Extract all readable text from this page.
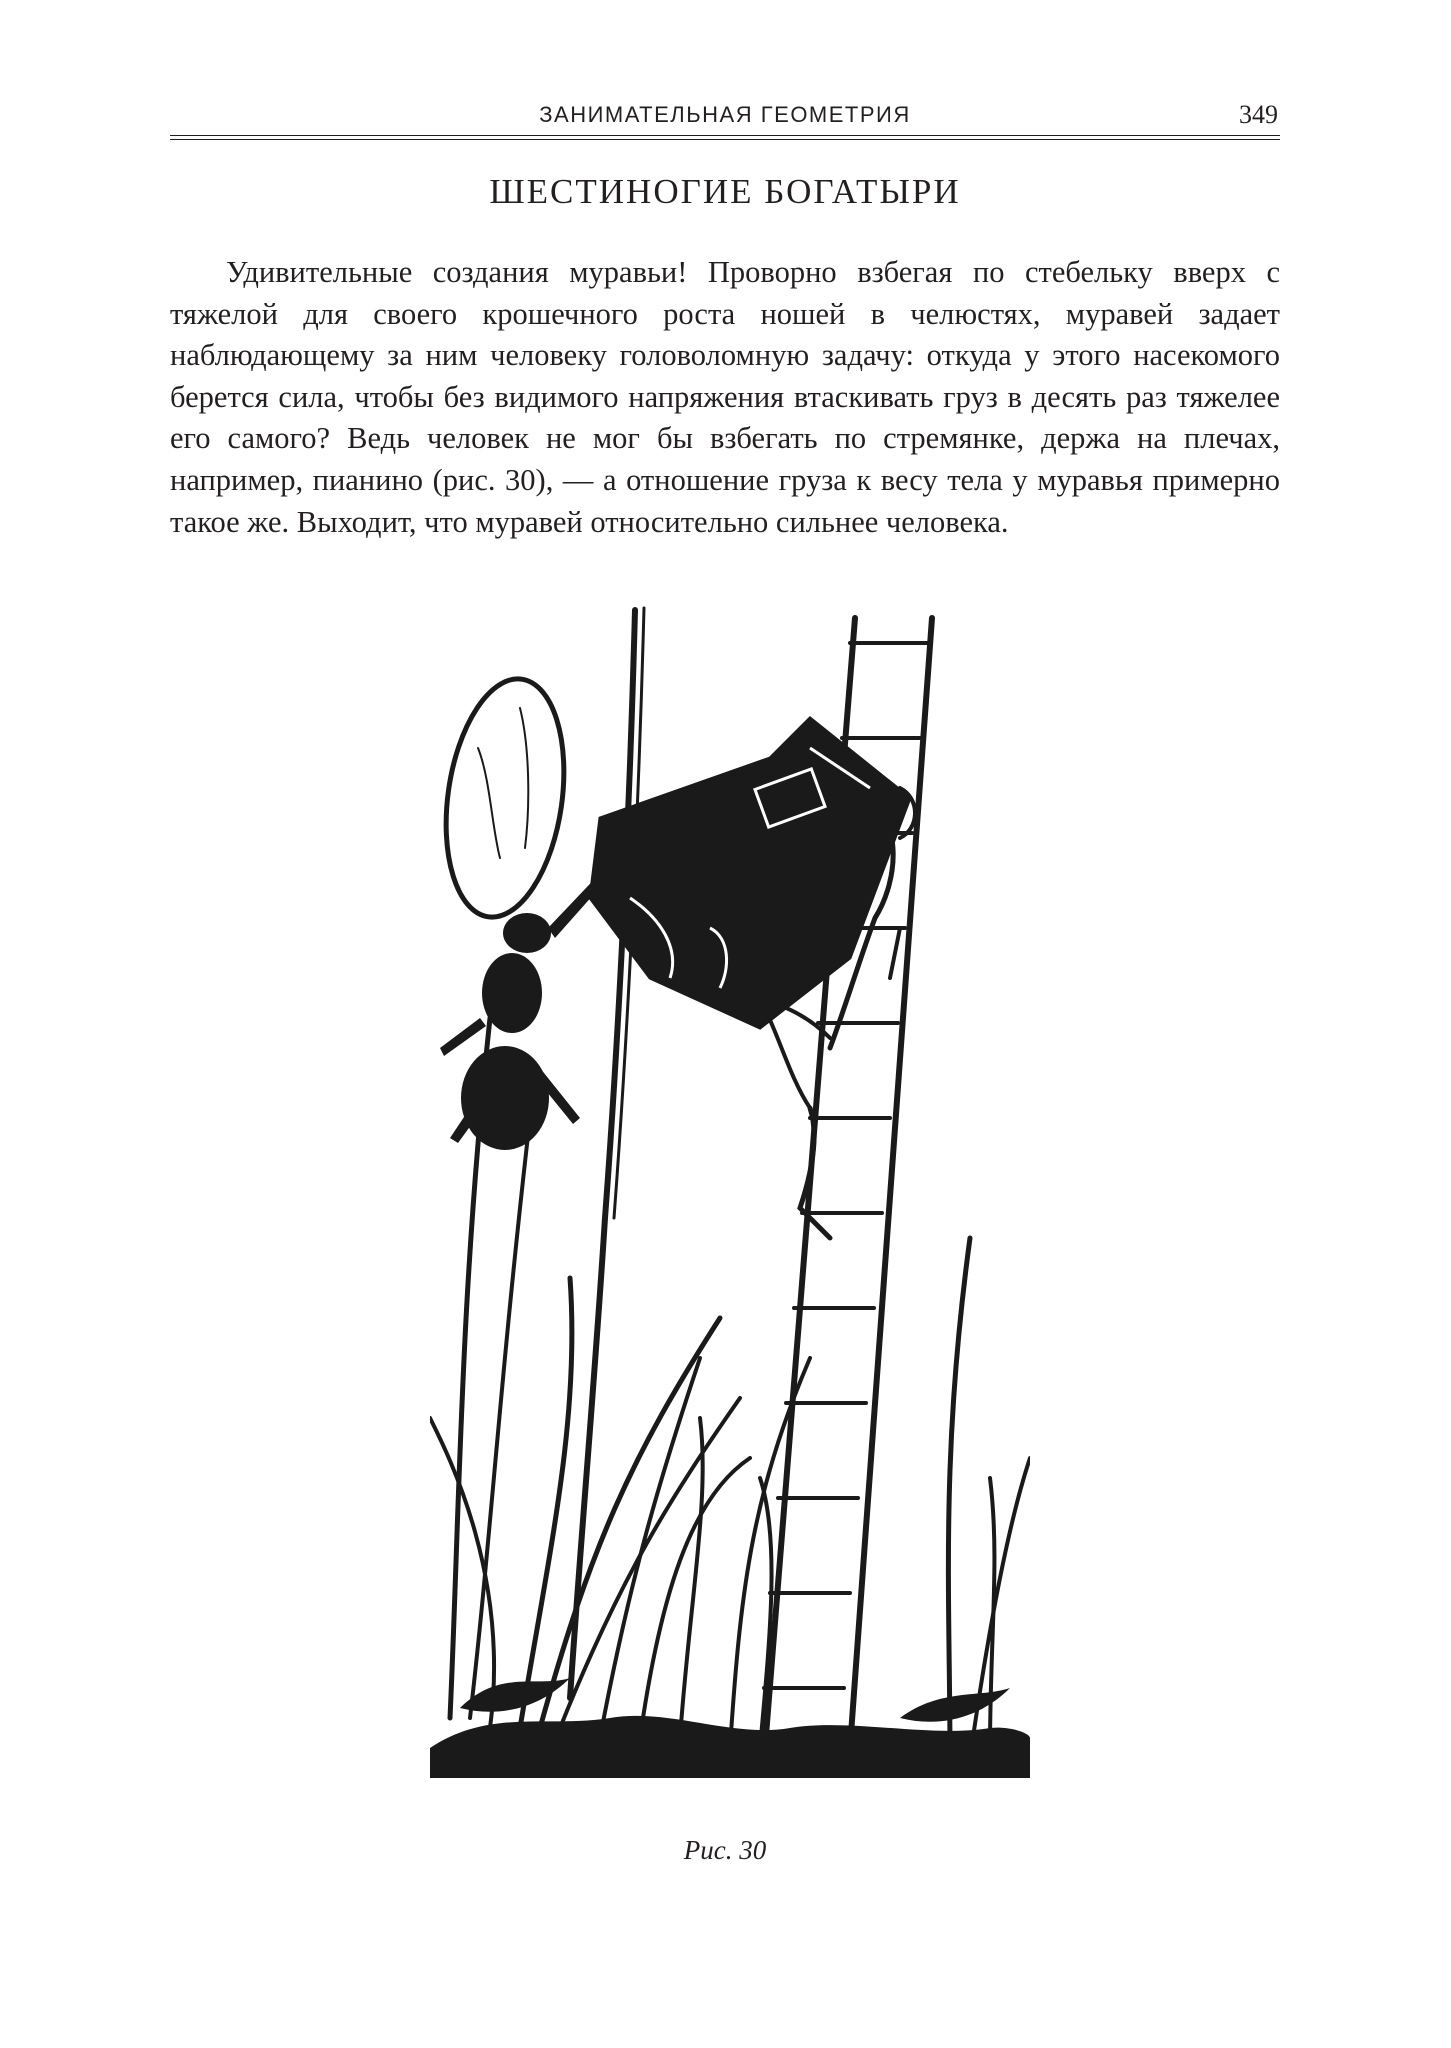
ЗАНИМАТЕЛЬНАЯ ГЕОМЕТРИЯ	349
ШЕСТИНОГИЕ БОГАТЫРИ

Удивительные создания муравьи! Проворно взбегая по стебельку вверх с тяжелой для своего крошечного роста ношей в челюстях, муравей задает наблюдающему за ним человеку головоломную задачу: откуда у этого насекомого берется сила, чтобы без видимого напряжения втаскивать груз в десять раз тяжелее его самого? Ведь человек не мог бы взбегать по стремянке, держа на плечах, например, пианино (рис. 30), — а отношение груза к весу тела у муравья примерно такое же. Выходит, что муравей относительно сильнее человека.

Рис. 30
